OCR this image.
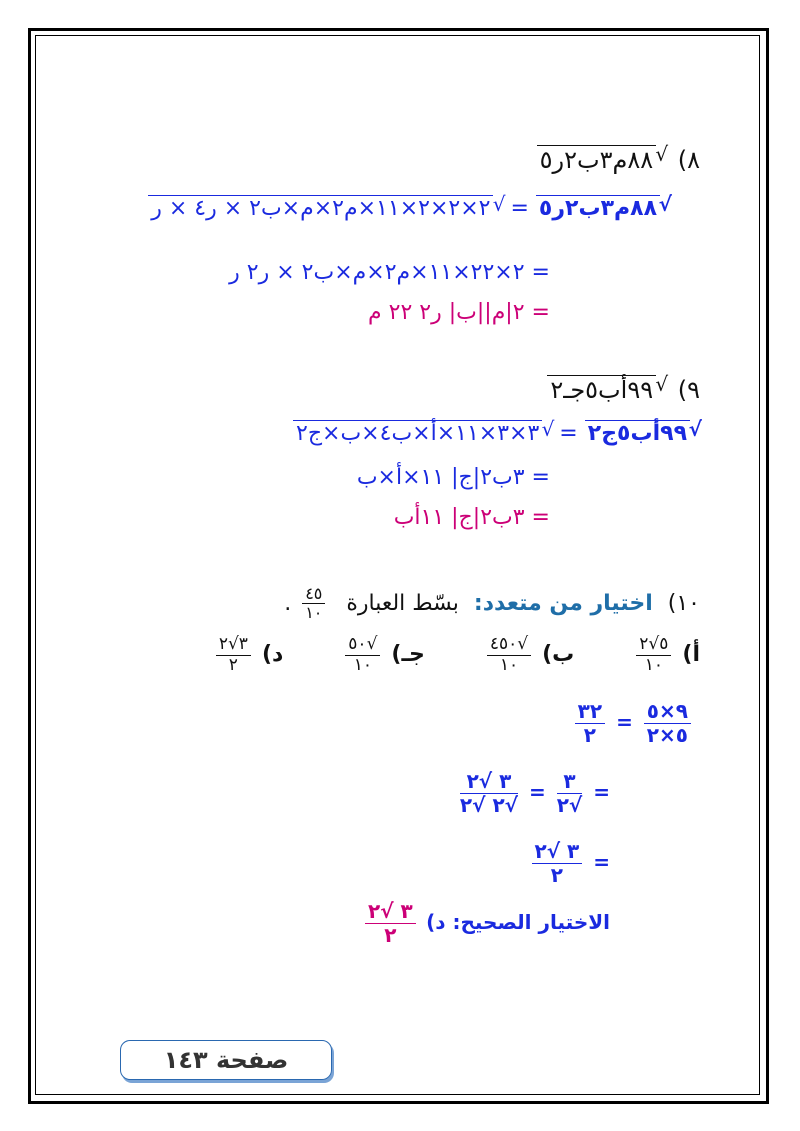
٨) √ ٨٨م٣ب٢ر٥
√ ٨٨م٣ب٢ر٥ = √ ٢×٢×٢×١١×م٢×م×ب٢ × ر٤ × ر
= ٢×٢٢×١١×م٢×م×ب٢ × ر٢ ر
= ٢|م||ب| ر٢ ٢٢ م
٩) √ ٩٩أب٥جـ٢
√ ٩٩أب٥ج٢ = √ ٣×٣×١١×أ×ب٤×ب×ج٢
= ٣ب٢|ج| ١١×أ×ب
= ٣ب٢|ج| ١١أب
١٠) اختيار من متعدد: بسّط العبارة
$\frac{٤٥}{١٠}$
.
أ)
$\frac{٥√٢}{١٠}$
ب)
$\frac{√٤٥٠}{١٠}$
جـ)
$\frac{√٥٠}{١٠}$
د)
$\frac{٣√٢}{٢}$
$\frac{٩\times ٥}{٥\times ٢}$
=
$\frac{٣٢}{٢}$
=
$\frac{٣}{√٢}$
=
$\frac{٣ √٢}{√٢ √٢}$
=
$\frac{٣ √٢}{٢}$
الاختيار الصحيح: د)
$\frac{٣ √٢}{٢}$
صفحة ١٤٣
